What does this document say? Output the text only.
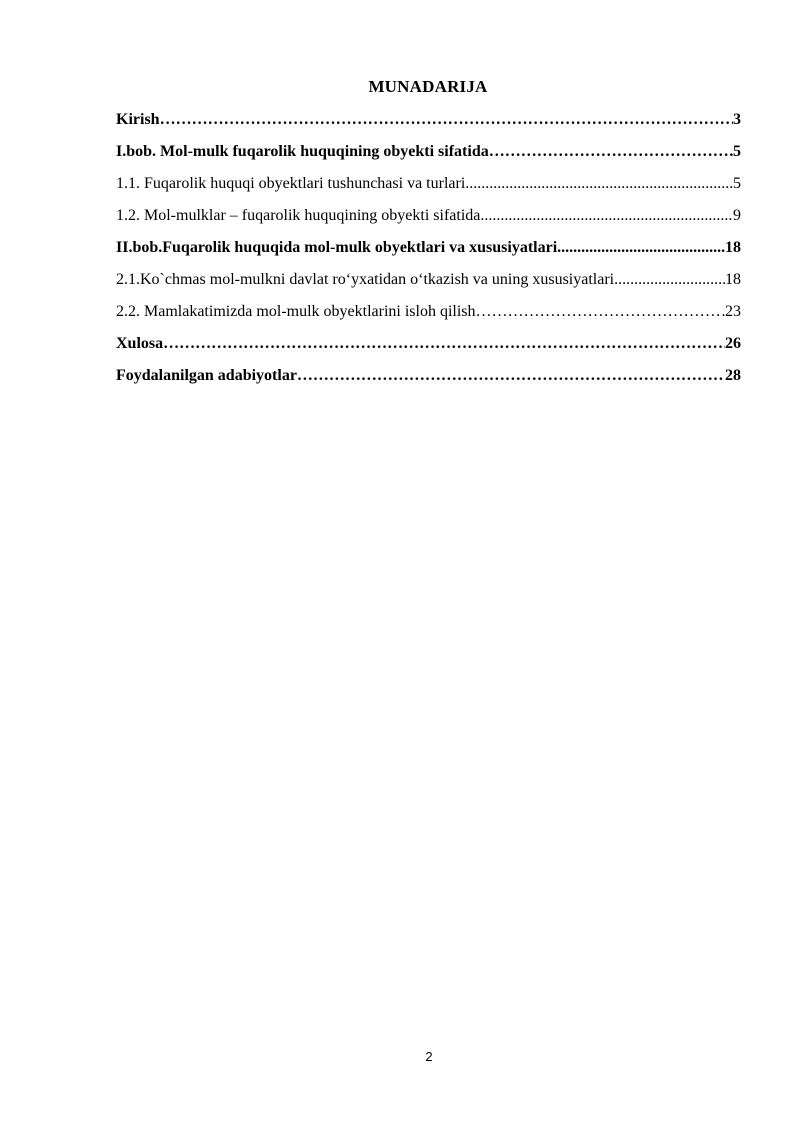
MUNADARIJA
Kirish ……………………………………………………………………………………………………………………………………………………………………………………………………	3
I.bob. Mol-mulk fuqarolik huquqining obyekti sifatida ……………………………………………………………………………………………………………………………………………………………………………………………………	5
1.1. Fuqarolik huquqi obyektlari tushunchasi va turlari .....	5
1.2. Mol-mulklar – fuqarolik huquqining obyekti sifatida .....	9
II.bob.Fuqarolik huquqida mol-mulk obyektlari va xususiyatlari .....	18
2.1.Ko`chmas mol-mulkni davlat ro‘yxatidan o‘tkazish va uning xususiyatlari .....	18
2.2. Mamlakatimizda mol-mulk obyektlarini isloh qilish ……………………………………………………………………………………………………………………………………………………………………………………………………	23
Xulosa ……………………………………………………………………………………………………………………………………………………………………………………………………	26
Foydalanilgan adabiyotlar ……………………………………………………………………………………………………………………………………………………………………………………………………	28
2
